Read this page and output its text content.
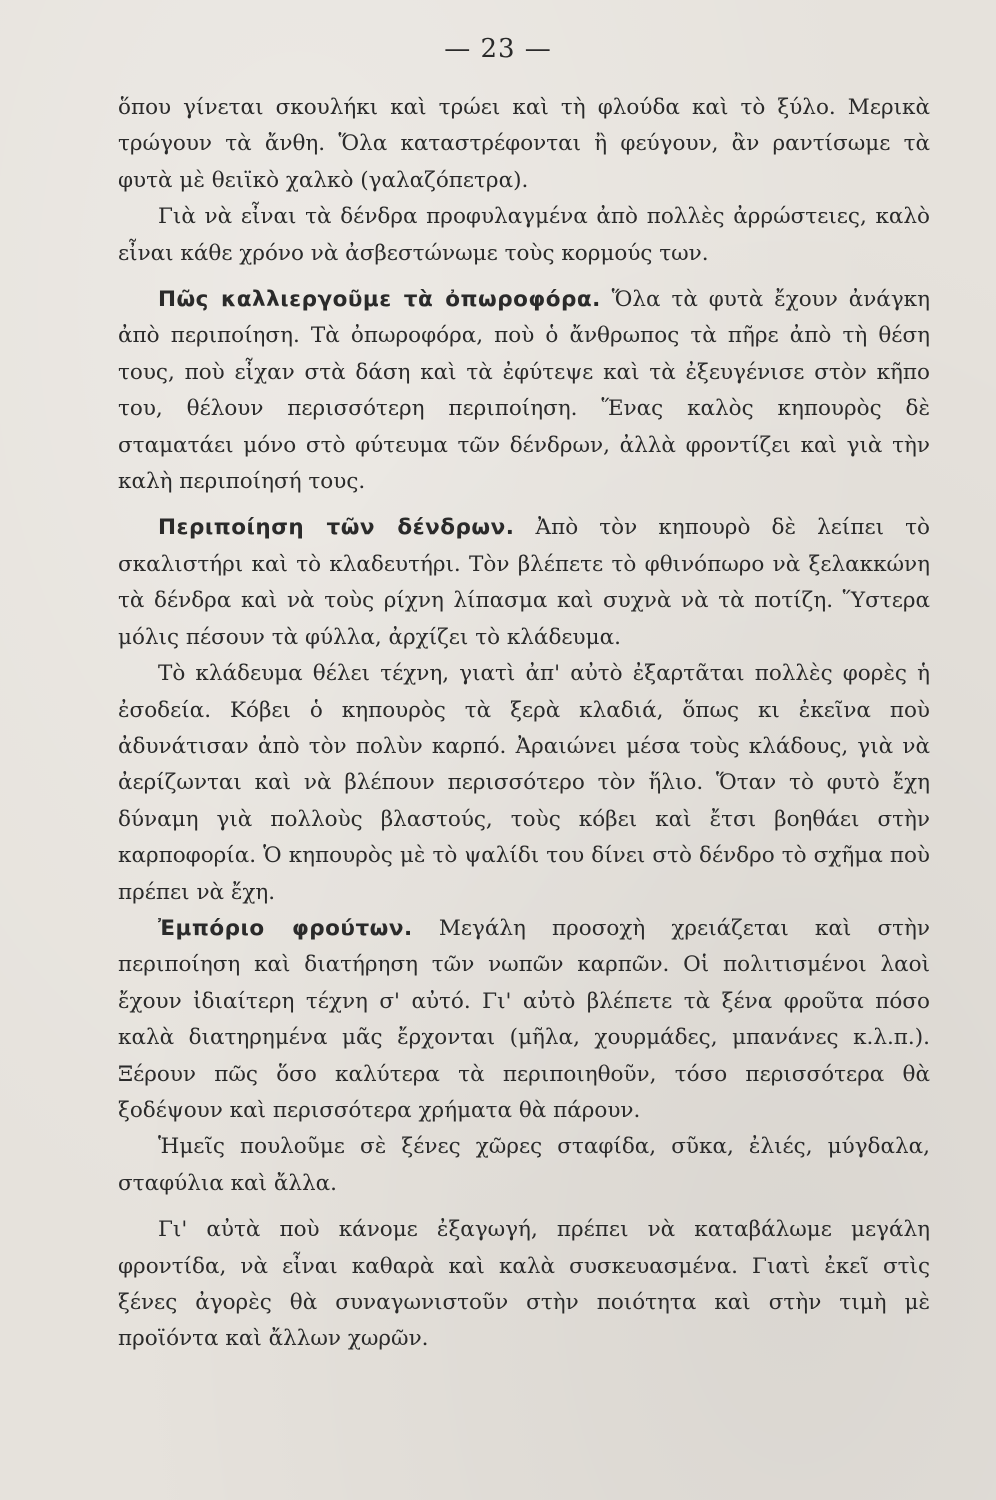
— 23 —

ὅπου γίνεται σκουλήκι καὶ τρώει καὶ τὴ φλούδα καὶ τὸ ξύλο. Μερικὰ τρώγουν τὰ ἄνθη. Ὅλα καταστρέφονται ἢ φεύγουν, ἂν ραντίσωμε τὰ φυτὰ μὲ θειϊκὸ χαλκὸ (γαλαζόπετρα).

Γιὰ νὰ εἶναι τὰ δένδρα προφυλαγμένα ἀπὸ πολλὲς ἀρρώστειες, καλὸ εἶναι κάθε χρόνο νὰ ἀσβεστώνωμε τοὺς κορμούς των.

Πῶς καλλιεργοῦμε τὰ ὀπωροφόρα. Ὅλα τὰ φυτὰ ἔχουν ἀνάγκη ἀπὸ περιποίηση. Τὰ ὀπωροφόρα, ποὺ ὁ ἄνθρωπος τὰ πῆρε ἀπὸ τὴ θέση τους, ποὺ εἶχαν στὰ δάση καὶ τὰ ἐφύτεψε καὶ τὰ ἐξευγένισε στὸν κῆπο του, θέλουν περισσότερη περιποίηση. Ἕνας καλὸς κηπουρὸς δὲ σταματάει μόνο στὸ φύτευμα τῶν δένδρων, ἀλλὰ φροντίζει καὶ γιὰ τὴν καλὴ περιποίησή τους.

Περιποίηση τῶν δένδρων. Ἀπὸ τὸν κηπουρὸ δὲ λείπει τὸ σκαλιστήρι καὶ τὸ κλαδευτήρι. Τὸν βλέπετε τὸ φθινόπωρο νὰ ξελακκώνη τὰ δένδρα καὶ νὰ τοὺς ρίχνη λίπασμα καὶ συχνὰ νὰ τὰ ποτίζη. Ὕστερα μόλις πέσουν τὰ φύλλα, ἀρχίζει τὸ κλάδευμα.

Τὸ κλάδευμα θέλει τέχνη, γιατὶ ἀπ' αὐτὸ ἐξαρτᾶται πολλὲς φορὲς ἡ ἐσοδεία. Κόβει ὁ κηπουρὸς τὰ ξερὰ κλαδιά, ὅπως κι ἐκεῖνα ποὺ ἀδυνάτισαν ἀπὸ τὸν πολὺν καρπό. Ἀραιώνει μέσα τοὺς κλάδους, γιὰ νὰ ἀερίζωνται καὶ νὰ βλέπουν περισσότερο τὸν ἥλιο. Ὅταν τὸ φυτὸ ἔχη δύναμη γιὰ πολλοὺς βλαστούς, τοὺς κόβει καὶ ἔτσι βοηθάει στὴν καρποφορία. Ὁ κηπουρὸς μὲ τὸ ψαλίδι του δίνει στὸ δένδρο τὸ σχῆμα ποὺ πρέπει νὰ ἔχη.

Ἐμπόριο φρούτων. Μεγάλη προσοχὴ χρειάζεται καὶ στὴν περιποίηση καὶ διατήρηση τῶν νωπῶν καρπῶν. Οἱ πολιτισμένοι λαοὶ ἔχουν ἰδιαίτερη τέχνη σ' αὐτό. Γι' αὐτὸ βλέπετε τὰ ξένα φροῦτα πόσο καλὰ διατηρημένα μᾶς ἔρχονται (μῆλα, χουρμάδες, μπανάνες κ.λ.π.). Ξέρουν πῶς ὅσο καλύτερα τὰ περιποιηθοῦν, τόσο περισσότερα θὰ ξοδέψουν καὶ περισσότερα χρήματα θὰ πάρουν.

Ἡμεῖς πουλοῦμε σὲ ξένες χῶρες σταφίδα, σῦκα, ἐλιές, μύγδαλα, σταφύλια καὶ ἄλλα.

Γι' αὐτὰ ποὺ κάνομε ἐξαγωγή, πρέπει νὰ καταβάλωμε μεγάλη φροντίδα, νὰ εἶναι καθαρὰ καὶ καλὰ συσκευασμένα. Γιατὶ ἐκεῖ στὶς ξένες ἀγορὲς θὰ συναγωνιστοῦν στὴν ποιότητα καὶ στὴν τιμὴ μὲ προϊόντα καὶ ἄλλων χωρῶν.
